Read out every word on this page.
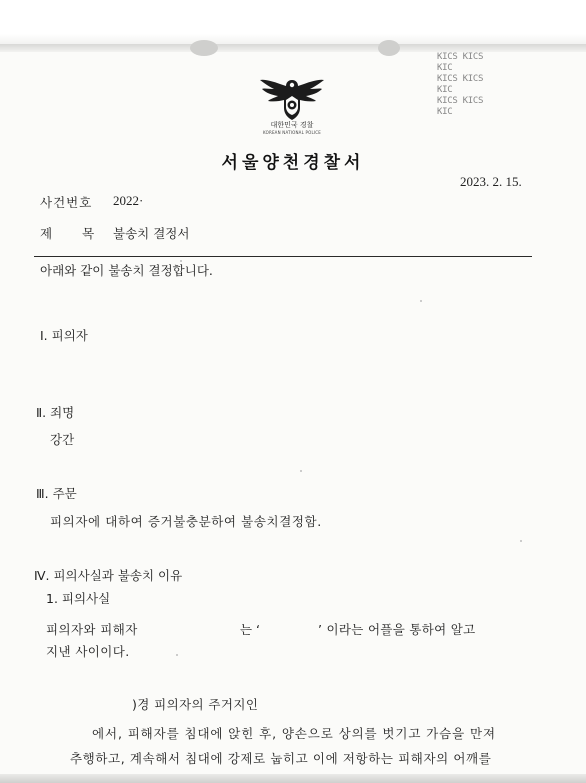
KICS KICS KIC
KICS KICS KIC
KICS KICS KIC
대한민국 경찰
KOREAN NATIONAL POLICE
서울양천경찰서
2023. 2. 15.
사건번호 2022·
제 목 불송치 결정서
아래와 같이 불송치 결정합니다.
Ⅰ. 피의자
Ⅱ. 죄명
강간
Ⅲ. 주문
피의자에 대하여 증거불충분하여 불송치결정함.
Ⅳ. 피의사실과 불송치 이유
1. 피의사실
피의자와 피해자	는 ‘	’ 이라는 어플을 통하여 알고
지낸 사이이다.
)경 피의자의 주거지인
에서, 피해자를 침대에 앉힌 후, 양손으로 상의를 벗기고 가슴을 만져
추행하고, 계속해서 침대에 강제로 눕히고 이에 저항하는 피해자의 어깨를
